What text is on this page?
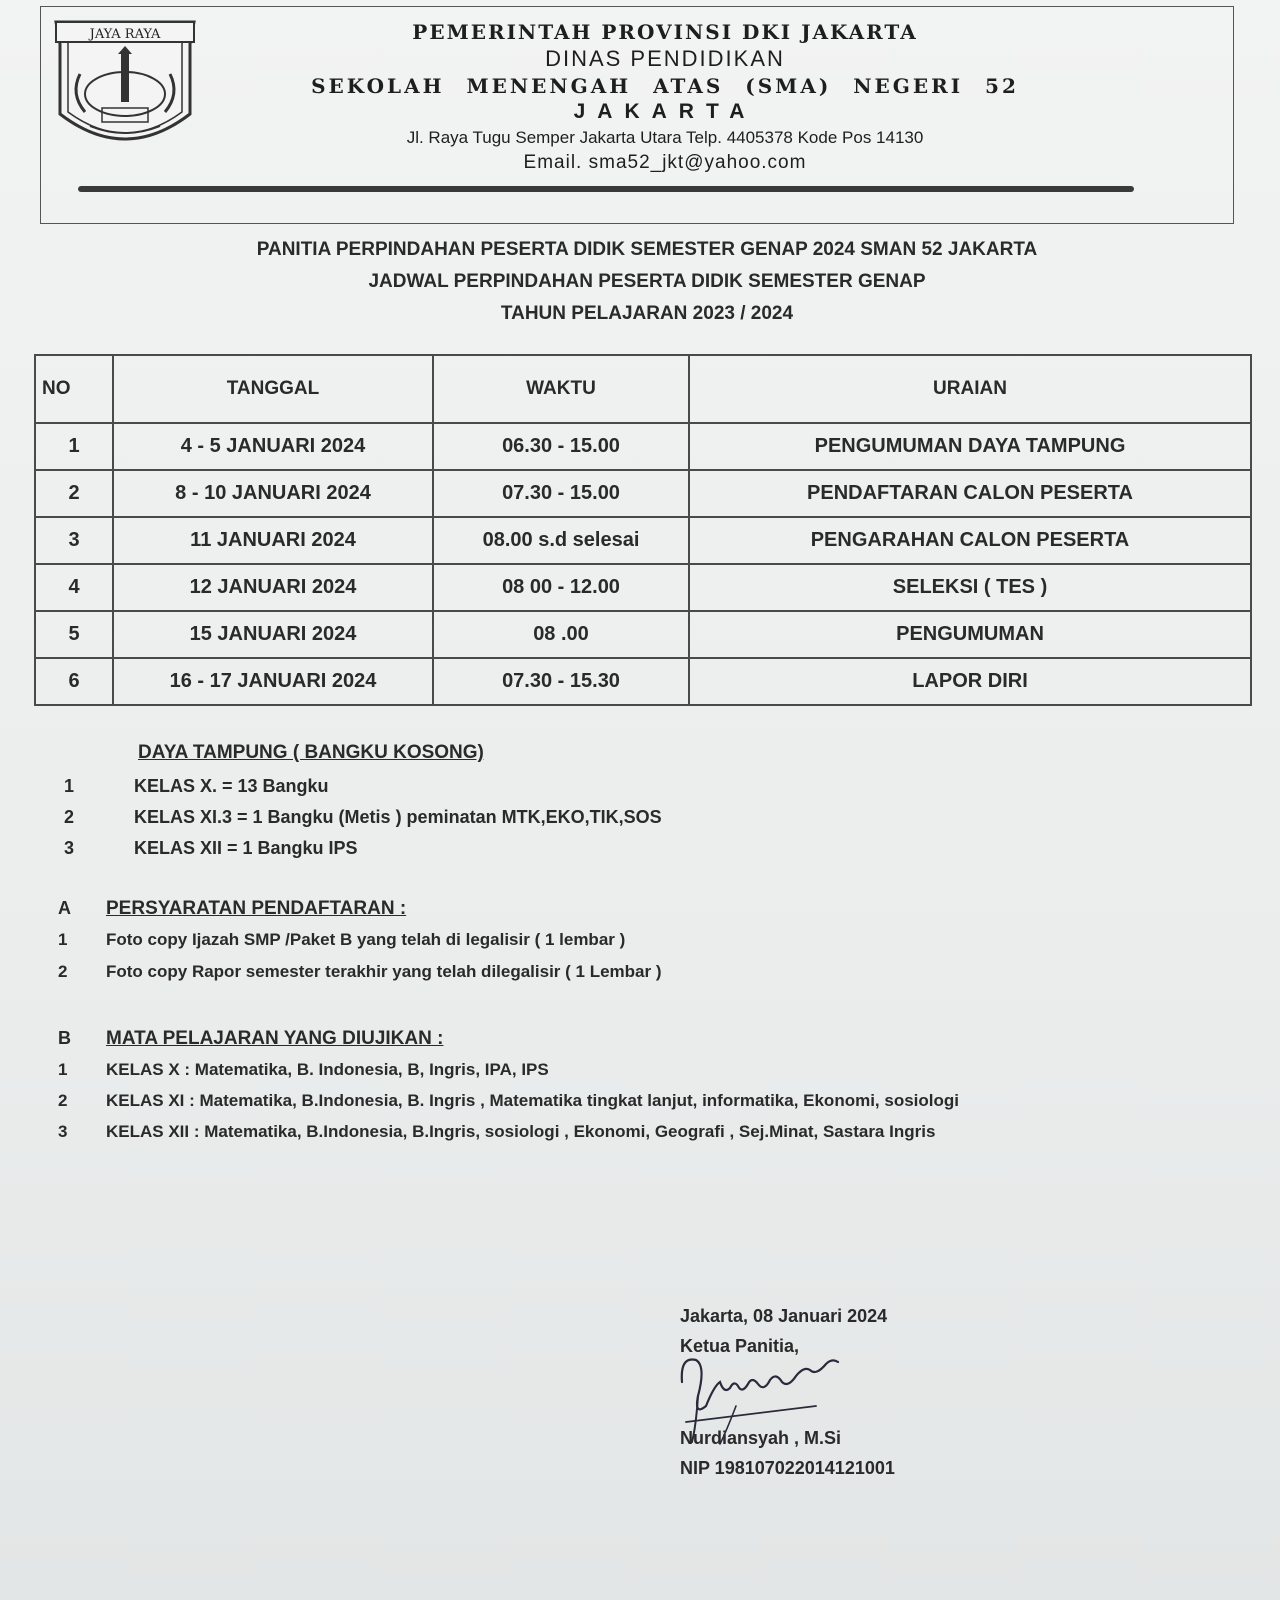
JAYA RAYA	PEMERINTAH PROVINSI DKI JAKARTA
DINAS PENDIDIKAN
SEKOLAH MENENGAH ATAS (SMA) NEGERI 52
JAKARTA
Jl. Raya Tugu Semper Jakarta Utara Telp. 4405378 Kode Pos 14130
Email. sma52_jkt@yahoo.com
PANITIA PERPINDAHAN PESERTA DIDIK SEMESTER GENAP 2024 SMAN 52 JAKARTA
JADWAL PERPINDAHAN PESERTA DIDIK SEMESTER GENAP
TAHUN PELAJARAN 2023 / 2024
NO	TANGGAL	WAKTU	URAIAN
1	4 - 5 JANUARI 2024	06.30 - 15.00	PENGUMUMAN DAYA TAMPUNG
2	8 - 10 JANUARI 2024	07.30 - 15.00	PENDAFTARAN CALON PESERTA
3	11 JANUARI 2024	08.00 s.d selesai	PENGARAHAN CALON PESERTA
4	12 JANUARI 2024	08 00 - 12.00	SELEKSI ( TES )
5	15 JANUARI 2024	08 .00	PENGUMUMAN
6	16 - 17 JANUARI 2024	07.30 - 15.30	LAPOR DIRI
DAYA TAMPUNG ( BANGKU KOSONG)
1	KELAS X. = 13 Bangku
2	KELAS XI.3 = 1 Bangku (Metis ) peminatan MTK,EKO,TIK,SOS
3	KELAS XII = 1 Bangku IPS
A	PERSYARATAN PENDAFTARAN :
1	Foto copy Ijazah SMP /Paket B yang telah di legalisir ( 1 lembar )
2	Foto copy Rapor semester terakhir yang telah dilegalisir ( 1 Lembar )
B	MATA PELAJARAN YANG DIUJIKAN :
1	KELAS X : Matematika, B. Indonesia, B, Ingris, IPA, IPS
2	KELAS XI : Matematika, B.Indonesia, B. Ingris , Matematika tingkat lanjut, informatika, Ekonomi, sosiologi
3	KELAS XII : Matematika, B.Indonesia, B.Ingris, sosiologi , Ekonomi, Geografi , Sej.Minat, Sastara Ingris
Jakarta, 08 Januari 2024
Ketua Panitia,
Nurdiansyah , M.Si
NIP 198107022014121001
